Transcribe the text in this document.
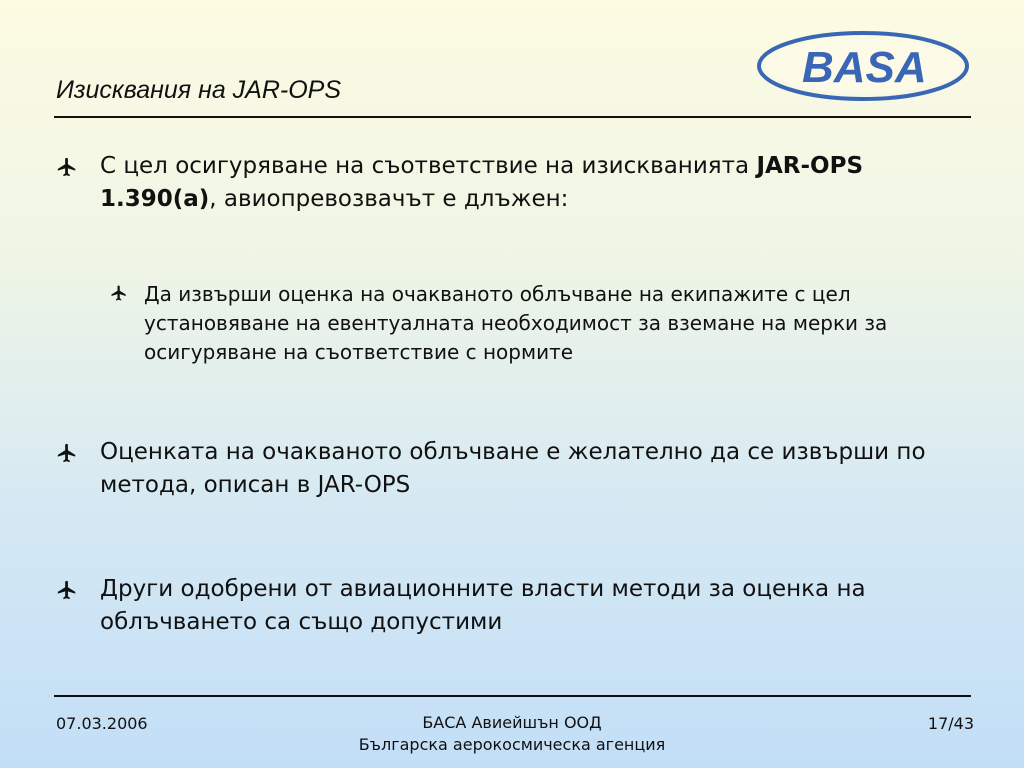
Изисквания на JAR-OPS	BASA
С цел осигуряване на съответствие на изискванията JAR-OPS 1.390(a), авиопревозвачът е длъжен:
Да извърши оценка на очакваното облъчване на екипажите с цел установяване на евентуалната необходимост за вземане на мерки за осигуряване на съответствие с нормите
Оценката на очакваното облъчване е желателно да се извърши по метода, описан в JAR-OPS
Други одобрени от авиационните власти методи за оценка на облъчването са също допустими
07.03.2006	БАСА Авиейшън ООД
Българска аерокосмическа агенция
17/43
